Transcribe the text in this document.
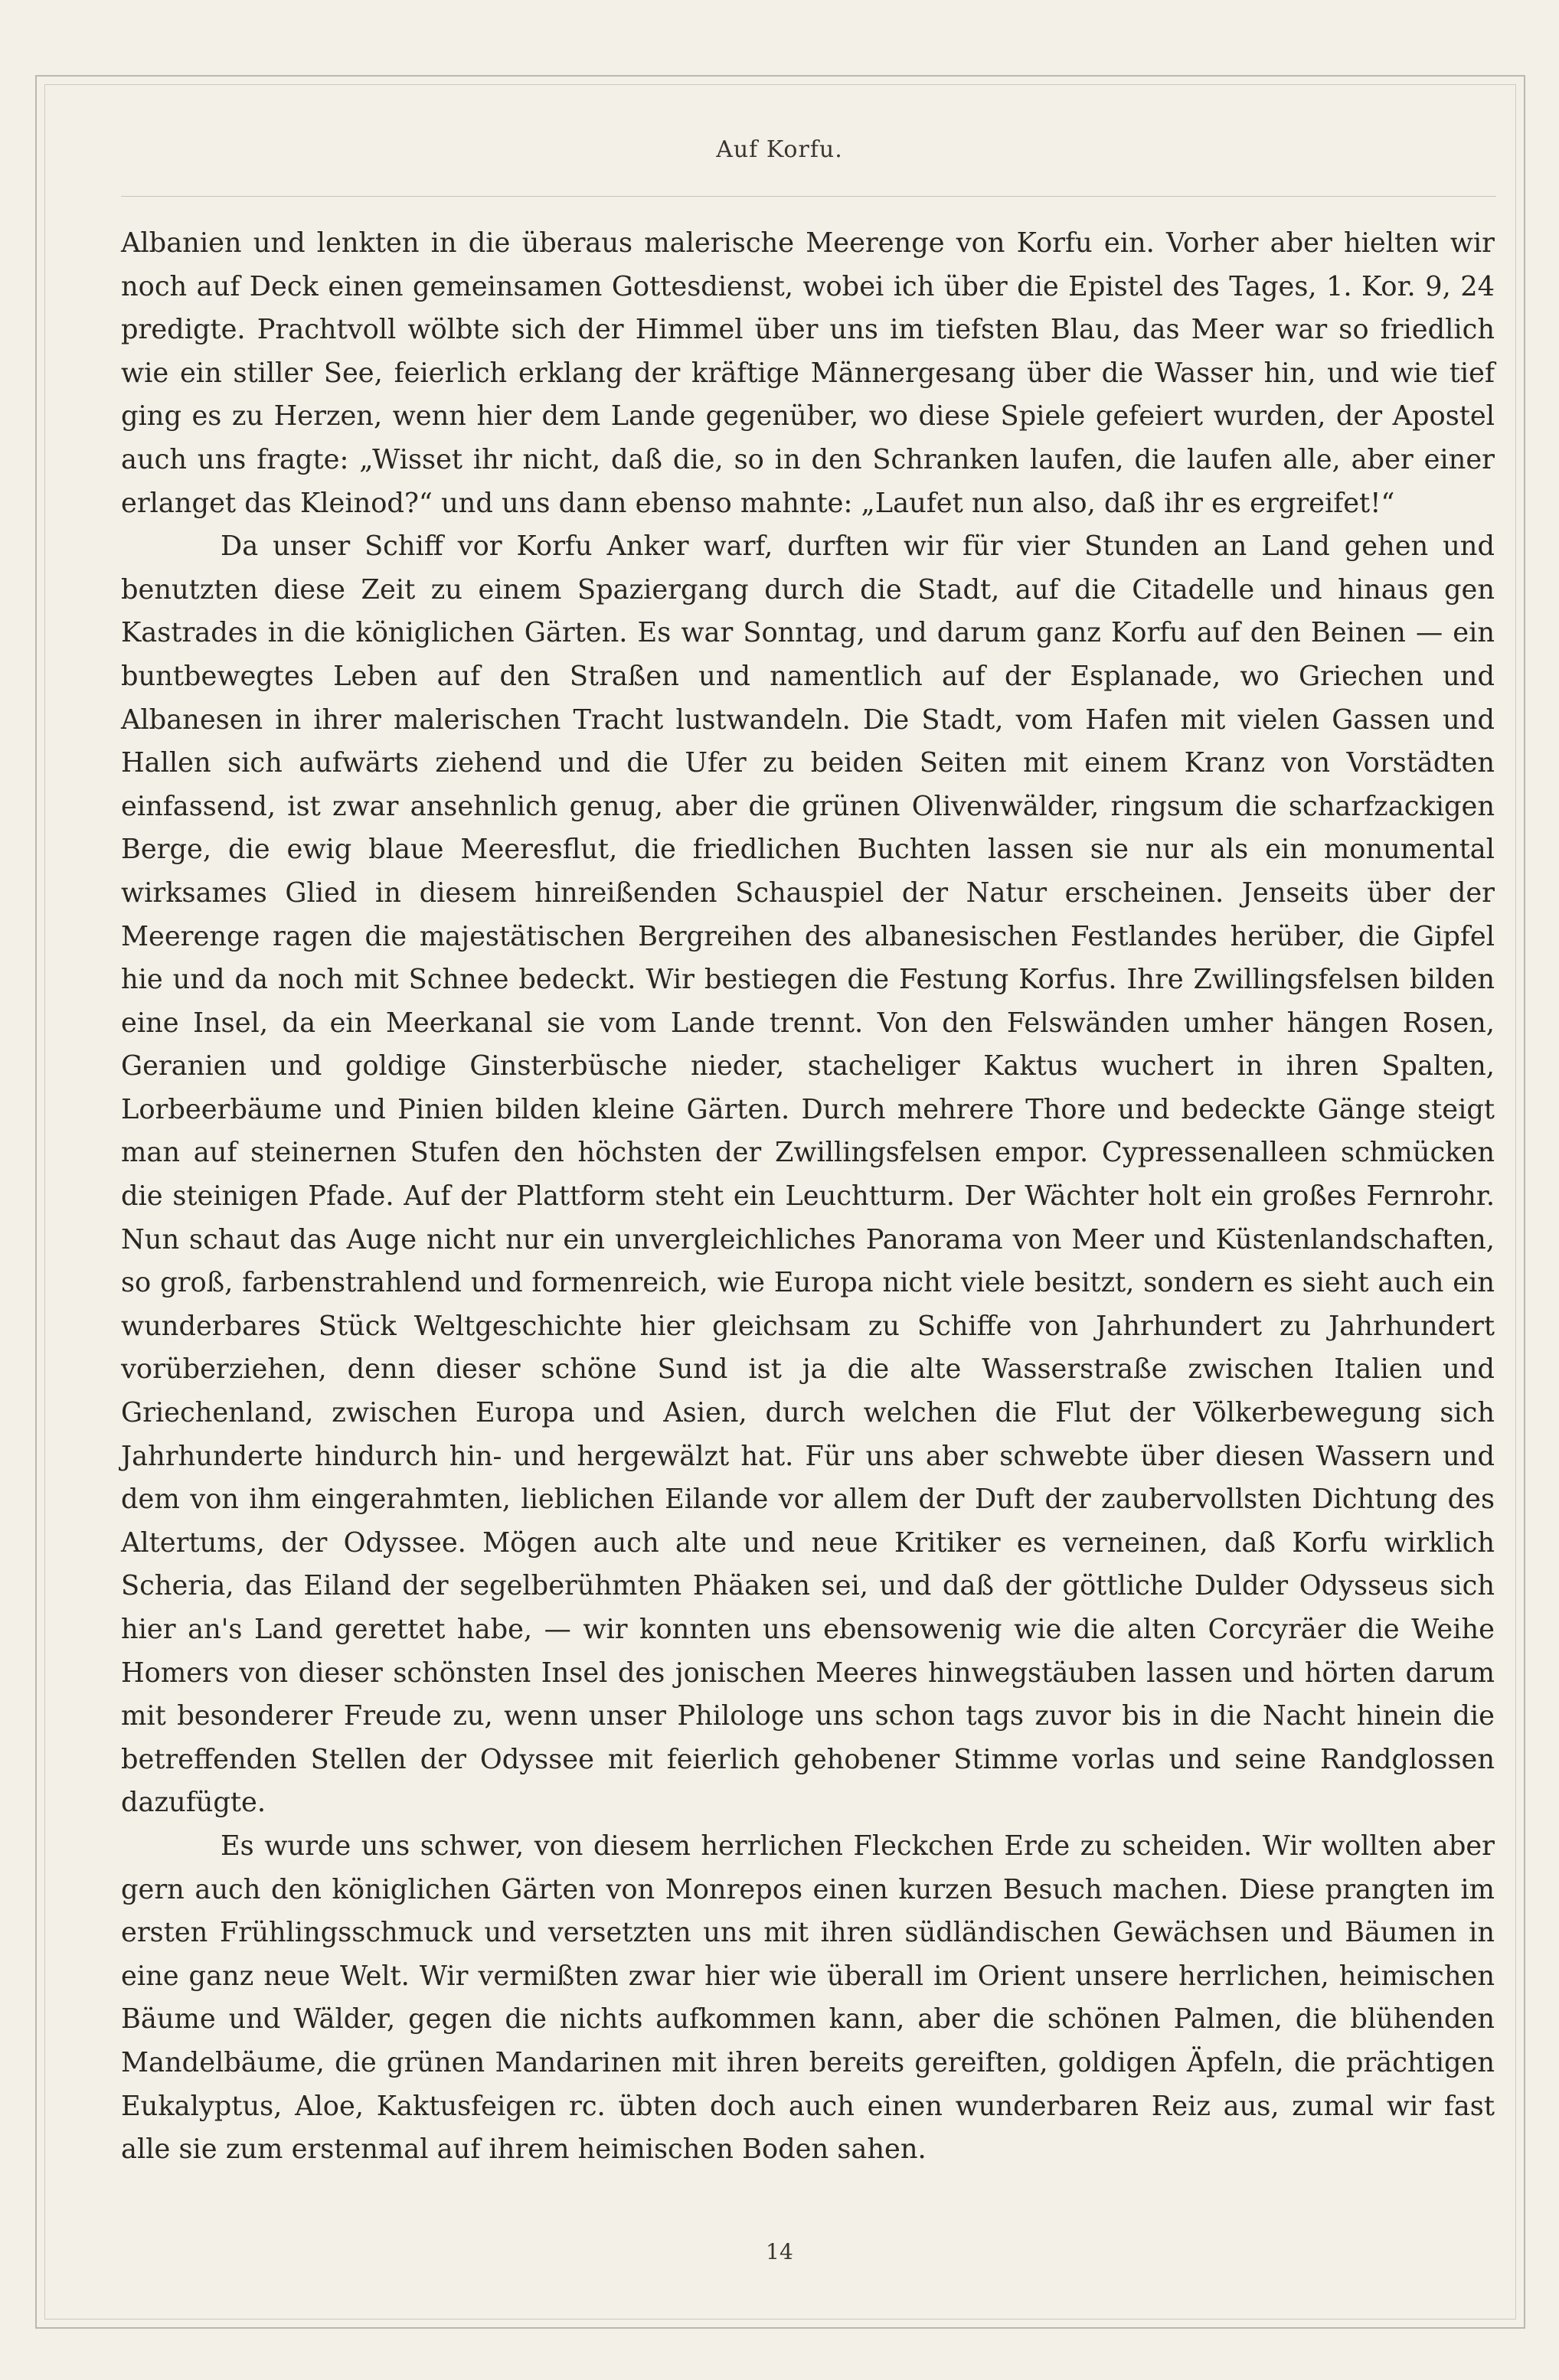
Auf Korfu.

Albanien und lenkten in die überaus malerische Meerenge von Korfu ein. Vorher aber hielten wir noch auf Deck einen gemeinsamen Gottesdienst, wobei ich über die Epistel des Tages, 1. Kor. 9, 24 predigte. Prachtvoll wölbte sich der Himmel über uns im tiefsten Blau, das Meer war so friedlich wie ein stiller See, feierlich erklang der kräftige Männergesang über die Wasser hin, und wie tief ging es zu Herzen, wenn hier dem Lande gegenüber, wo diese Spiele gefeiert wurden, der Apostel auch uns fragte: „Wisset ihr nicht, daß die, so in den Schranken laufen, die laufen alle, aber einer erlanget das Kleinod?“ und uns dann ebenso mahnte: „Laufet nun also, daß ihr es ergreifet!“

Da unser Schiff vor Korfu Anker warf, durften wir für vier Stunden an Land gehen und benutzten diese Zeit zu einem Spaziergang durch die Stadt, auf die Citadelle und hinaus gen Kastrades in die königlichen Gärten. Es war Sonntag, und darum ganz Korfu auf den Beinen — ein buntbewegtes Leben auf den Straßen und namentlich auf der Esplanade, wo Griechen und Albanesen in ihrer malerischen Tracht lustwandeln. Die Stadt, vom Hafen mit vielen Gassen und Hallen sich aufwärts ziehend und die Ufer zu beiden Seiten mit einem Kranz von Vorstädten einfassend, ist zwar ansehnlich genug, aber die grünen Olivenwälder, ringsum die scharfzackigen Berge, die ewig blaue Meeresflut, die friedlichen Buchten lassen sie nur als ein monumental wirksames Glied in diesem hinreißenden Schauspiel der Natur erscheinen. Jenseits über der Meerenge ragen die majestätischen Bergreihen des albanesischen Festlandes herüber, die Gipfel hie und da noch mit Schnee bedeckt. Wir bestiegen die Festung Korfus. Ihre Zwillingsfelsen bilden eine Insel, da ein Meerkanal sie vom Lande trennt. Von den Felswänden umher hängen Rosen, Geranien und goldige Ginsterbüsche nieder, stacheliger Kaktus wuchert in ihren Spalten, Lorbeerbäume und Pinien bilden kleine Gärten. Durch mehrere Thore und bedeckte Gänge steigt man auf steinernen Stufen den höchsten der Zwillingsfelsen empor. Cypressenalleen schmücken die steinigen Pfade. Auf der Plattform steht ein Leuchtturm. Der Wächter holt ein großes Fernrohr. Nun schaut das Auge nicht nur ein unvergleichliches Panorama von Meer und Küstenlandschaften, so groß, farbenstrahlend und formenreich, wie Europa nicht viele besitzt, sondern es sieht auch ein wunderbares Stück Weltgeschichte hier gleichsam zu Schiffe von Jahrhundert zu Jahrhundert vorüberziehen, denn dieser schöne Sund ist ja die alte Wasserstraße zwischen Italien und Griechenland, zwischen Europa und Asien, durch welchen die Flut der Völkerbewegung sich Jahrhunderte hindurch hin- und hergewälzt hat. Für uns aber schwebte über diesen Wassern und dem von ihm eingerahmten, lieblichen Eilande vor allem der Duft der zaubervollsten Dichtung des Altertums, der Odyssee. Mögen auch alte und neue Kritiker es verneinen, daß Korfu wirklich Scheria, das Eiland der segelberühmten Phäaken sei, und daß der göttliche Dulder Odysseus sich hier an's Land gerettet habe, — wir konnten uns ebensowenig wie die alten Corcyräer die Weihe Homers von dieser schönsten Insel des jonischen Meeres hinwegstäuben lassen und hörten darum mit besonderer Freude zu, wenn unser Philologe uns schon tags zuvor bis in die Nacht hinein die betreffenden Stellen der Odyssee mit feierlich gehobener Stimme vorlas und seine Randglossen dazufügte.

Es wurde uns schwer, von diesem herrlichen Fleckchen Erde zu scheiden. Wir wollten aber gern auch den königlichen Gärten von Monrepos einen kurzen Besuch machen. Diese prangten im ersten Frühlingsschmuck und versetzten uns mit ihren südländischen Gewächsen und Bäumen in eine ganz neue Welt. Wir vermißten zwar hier wie überall im Orient unsere herrlichen, heimischen Bäume und Wälder, gegen die nichts aufkommen kann, aber die schönen Palmen, die blühenden Mandelbäume, die grünen Mandarinen mit ihren bereits gereiften, goldigen Äpfeln, die prächtigen Eukalyptus, Aloe, Kaktusfeigen rc. übten doch auch einen wunderbaren Reiz aus, zumal wir fast alle sie zum erstenmal auf ihrem heimischen Boden sahen.

14
